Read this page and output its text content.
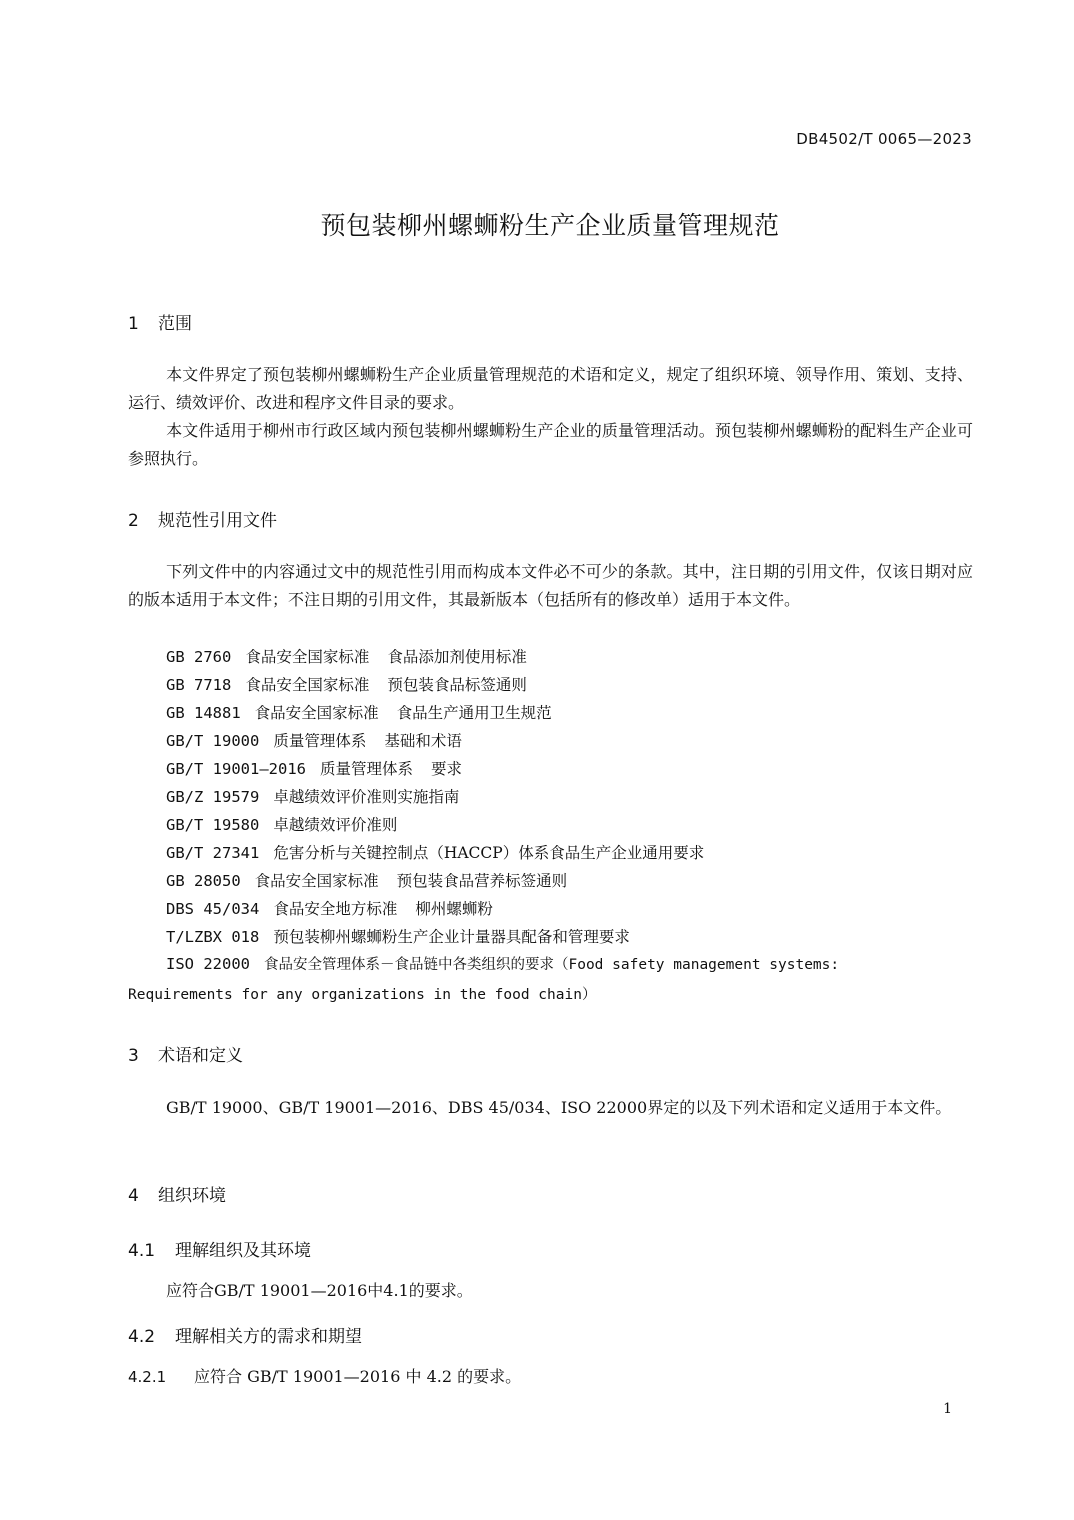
DB4502/T 0065—2023
预包装柳州螺蛳粉生产企业质量管理规范
1 范围
本文件界定了预包装柳州螺蛳粉生产企业质量管理规范的术语和定义，规定了组织环境、领导作用、策划、支持、运行、绩效评价、改进和程序文件目录的要求。
本文件适用于柳州市行政区域内预包装柳州螺蛳粉生产企业的质量管理活动。预包装柳州螺蛳粉的配料生产企业可参照执行。
2 规范性引用文件
下列文件中的内容通过文中的规范性引用而构成本文件必不可少的条款。其中，注日期的引用文件，仅该日期对应的版本适用于本文件；不注日期的引用文件，其最新版本（包括所有的修改单）适用于本文件。
GB 2760 食品安全国家标准 食品添加剂使用标准
GB 7718 食品安全国家标准 预包装食品标签通则
GB 14881 食品安全国家标准 食品生产通用卫生规范
GB/T 19000 质量管理体系 基础和术语
GB/T 19001—2016 质量管理体系 要求
GB/Z 19579 卓越绩效评价准则实施指南
GB/T 19580 卓越绩效评价准则
GB/T 27341 危害分析与关键控制点（HACCP）体系食品生产企业通用要求
GB 28050 食品安全国家标准 预包装食品营养标签通则
DBS 45/034 食品安全地方标准 柳州螺蛳粉
T/LZBX 018 预包装柳州螺蛳粉生产企业计量器具配备和管理要求
ISO 22000 食品安全管理体系－食品链中各类组织的要求（Food safety management systems:
Requirements for any organizations in the food chain）
3 术语和定义
GB/T 19000、GB/T 19001—2016、DBS 45/034、ISO 22000界定的以及下列术语和定义适用于本文件。
4 组织环境
4.1 理解组织及其环境
应符合GB/T 19001—2016中4.1的要求。
4.2 理解相关方的需求和期望
4.2.1 应符合 GB/T 19001—2016 中 4.2 的要求。
1
